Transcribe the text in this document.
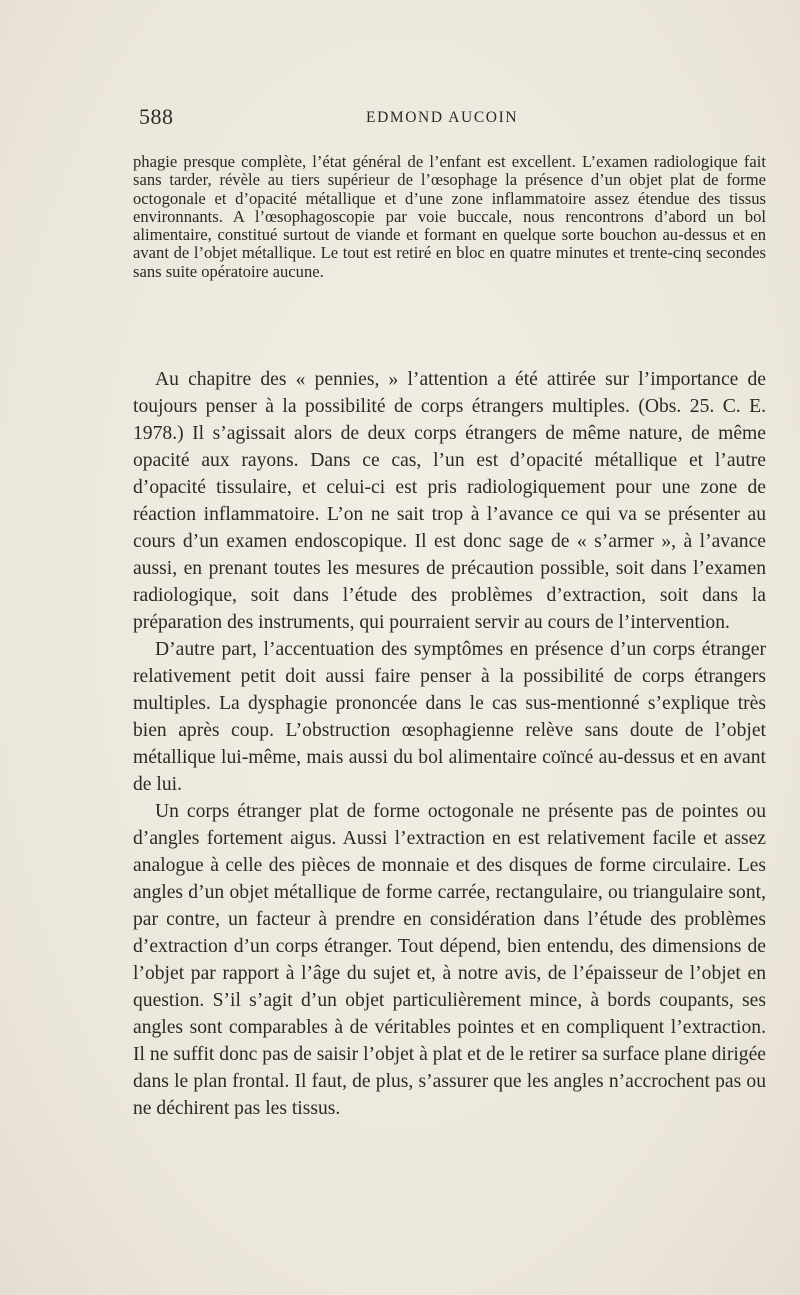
588	EDMOND AUCOIN

phagie presque complète, l’état général de l’enfant est excellent. L’examen radiologique fait sans tarder, révèle au tiers supérieur de l’œsophage la présence d’un objet plat de forme octogonale et d’opacité métallique et d’une zone inflammatoire assez étendue des tissus environnants. A l’œsophagoscopie par voie buccale, nous rencontrons d’abord un bol alimentaire, constitué surtout de viande et formant en quelque sorte bouchon au-dessus et en avant de l’objet métallique. Le tout est retiré en bloc en quatre minutes et trente-cinq secondes sans suite opératoire aucune.

Au chapitre des « pennies, » l’attention a été attirée sur l’importance de toujours penser à la possibilité de corps étrangers multiples. (Obs. 25. C. E. 1978.) Il s’agissait alors de deux corps étrangers de même nature, de même opacité aux rayons. Dans ce cas, l’un est d’opacité métallique et l’autre d’opacité tissulaire, et celui-ci est pris radiologiquement pour une zone de réaction inflammatoire. L’on ne sait trop à l’avance ce qui va se présenter au cours d’un examen endoscopique. Il est donc sage de « s’armer », à l’avance aussi, en prenant toutes les mesures de précaution possible, soit dans l’examen radiologique, soit dans l’étude des problèmes d’extraction, soit dans la préparation des instruments, qui pourraient servir au cours de l’intervention.

D’autre part, l’accentuation des symptômes en présence d’un corps étranger relativement petit doit aussi faire penser à la possibilité de corps étrangers multiples. La dysphagie prononcée dans le cas sus-mentionné s’explique très bien après coup. L’obstruction œsophagienne relève sans doute de l’objet métallique lui-même, mais aussi du bol alimentaire coïncé au-dessus et en avant de lui.

Un corps étranger plat de forme octogonale ne présente pas de pointes ou d’angles fortement aigus. Aussi l’extraction en est relativement facile et assez analogue à celle des pièces de monnaie et des disques de forme circulaire. Les angles d’un objet métallique de forme carrée, rectangulaire, ou triangulaire sont, par contre, un facteur à prendre en considération dans l’étude des problèmes d’extraction d’un corps étranger. Tout dépend, bien entendu, des dimensions de l’objet par rapport à l’âge du sujet et, à notre avis, de l’épaisseur de l’objet en question. S’il s’agit d’un objet particulièrement mince, à bords coupants, ses angles sont comparables à de véritables pointes et en compliquent l’extraction. Il ne suffit donc pas de saisir l’objet à plat et de le retirer sa surface plane dirigée dans le plan frontal. Il faut, de plus, s’assurer que les angles n’accrochent pas ou ne déchirent pas les tissus.
